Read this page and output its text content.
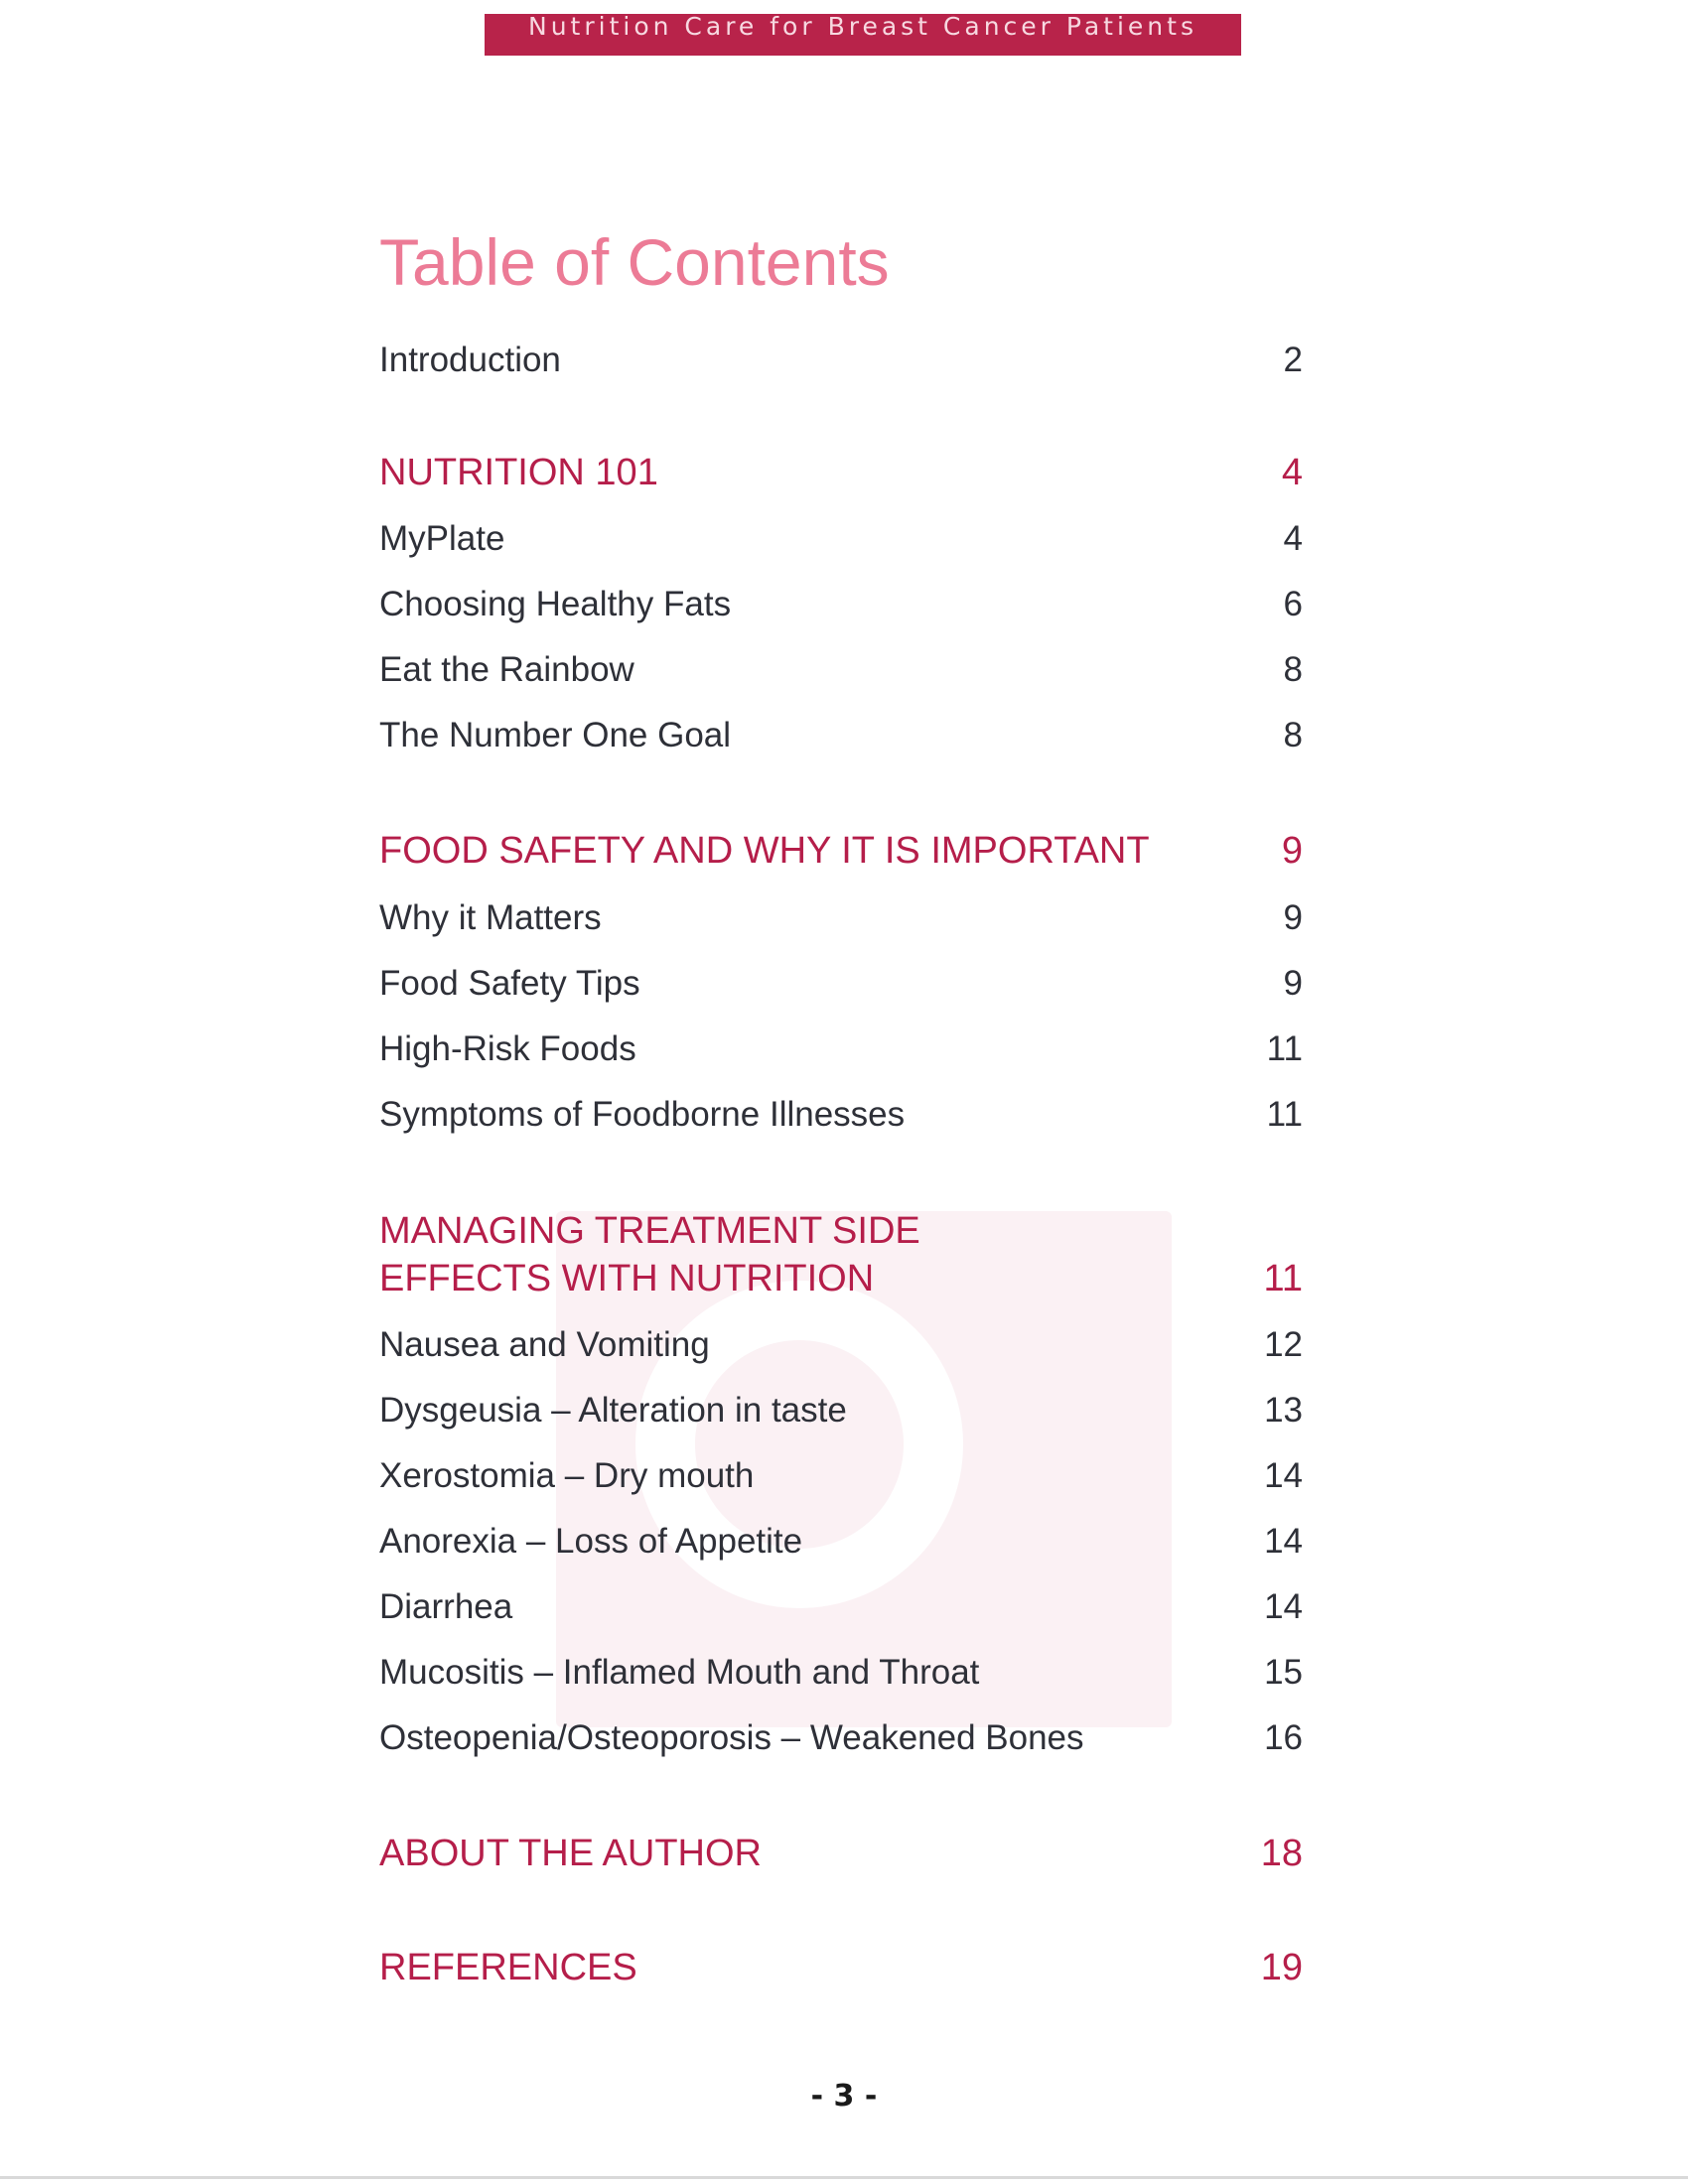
Nutrition Care for Breast Cancer Patients
Table of Contents
Introduction	2
NUTRITION 101	4
MyPlate	4
Choosing Healthy Fats	6
Eat the Rainbow	8
The Number One Goal	8
FOOD SAFETY AND WHY IT IS IMPORTANT	9
Why it Matters	9
Food Safety Tips	9
High-Risk Foods	11
Symptoms of Foodborne Illnesses	11
MANAGING TREATMENT SIDE
EFFECTS WITH NUTRITION	11
Nausea and Vomiting	12
Dysgeusia – Alteration in taste	13
Xerostomia – Dry mouth	14
Anorexia – Loss of Appetite	14
Diarrhea	14
Mucositis – Inflamed Mouth and Throat	15
Osteopenia/Osteoporosis – Weakened Bones	16
ABOUT THE AUTHOR	18
REFERENCES	19
- 3 -
